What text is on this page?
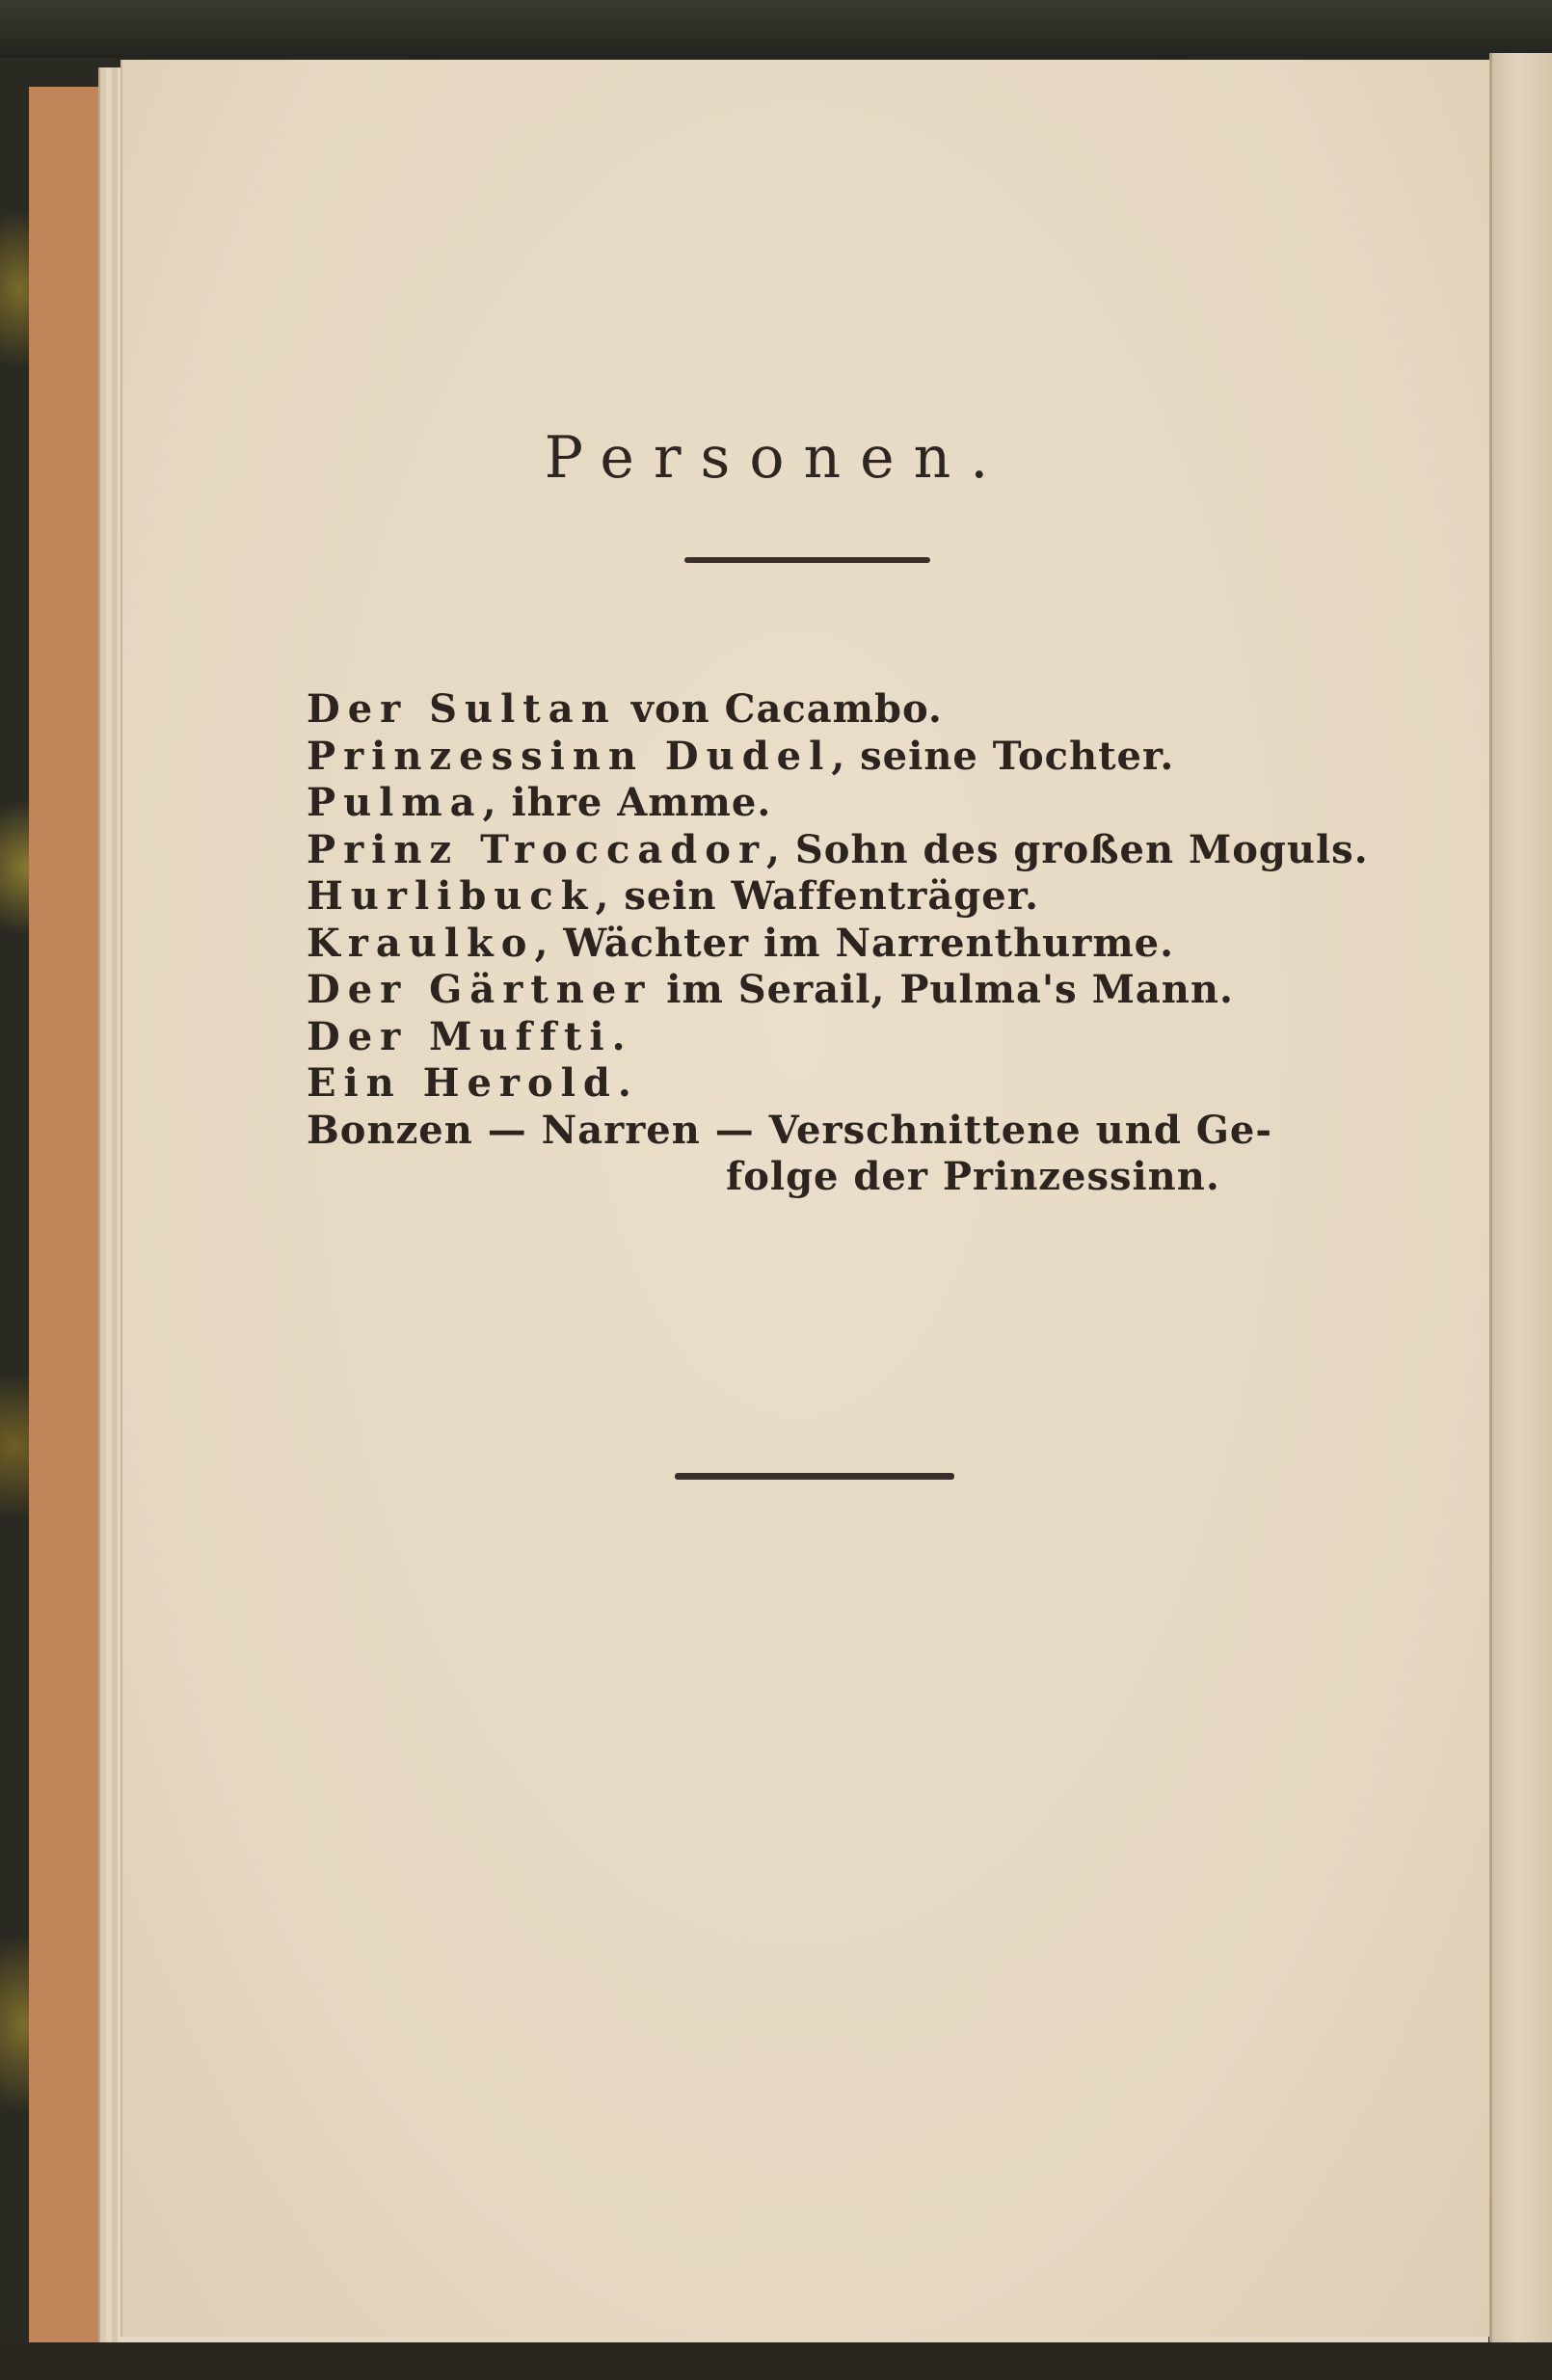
Personen.
Der Sultan von Cacambo.
Prinzessinn Dudel, seine Tochter.
Pulma, ihre Amme.
Prinz Troccador, Sohn des großen Moguls.
Hurlibuck, sein Waffenträger.
Kraulko, Wächter im Narrenthurme.
Der Gärtner im Serail, Pulma's Mann.
Der Muffti.
Ein Herold.
Bonzen — Narren — Verschnittene und Ge-
folge der Prinzessinn.
